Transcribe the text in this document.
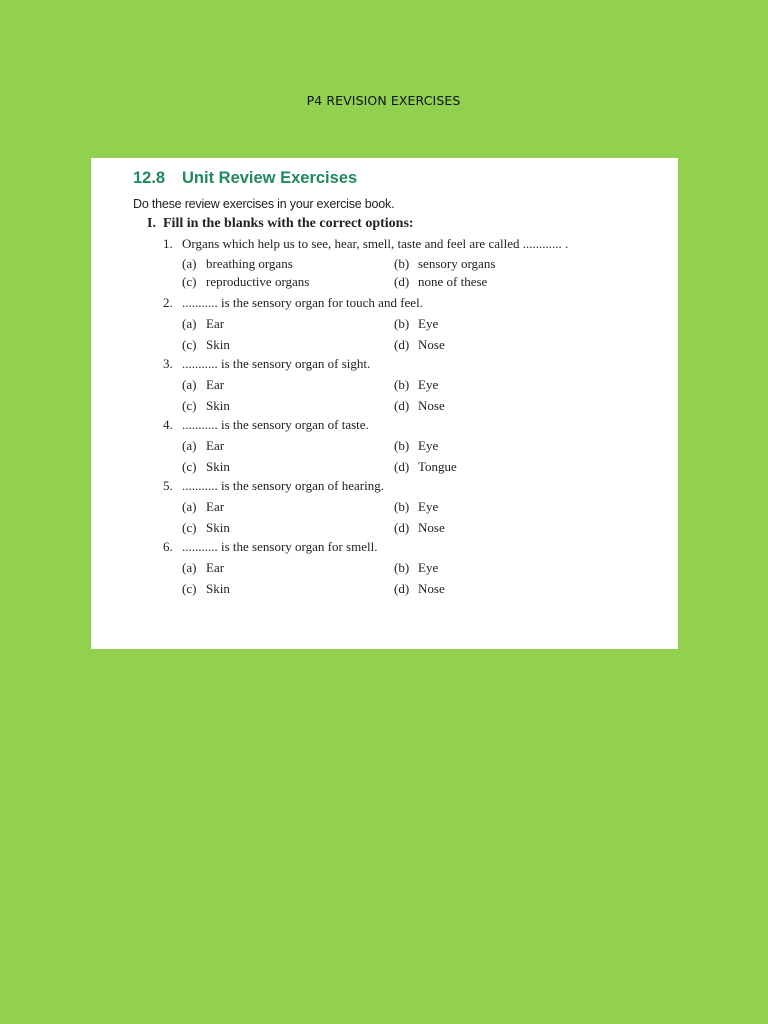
P4 REVISION EXERCISES
12.8 Unit Review Exercises
Do these review exercises in your exercise book.
I. Fill in the blanks with the correct options:
1. Organs which help us to see, hear, smell, taste and feel are called ............ .
(a) breathing organs	(b) sensory organs
(c) reproductive organs	(d) none of these
2. ........... is the sensory organ for touch and feel.
(a) Ear	(b) Eye
(c) Skin	(d) Nose
3. ........... is the sensory organ of sight.
(a) Ear	(b) Eye
(c) Skin	(d) Nose
4. ........... is the sensory organ of taste.
(a) Ear	(b) Eye
(c) Skin	(d) Tongue
5. ........... is the sensory organ of hearing.
(a) Ear	(b) Eye
(c) Skin	(d) Nose
6. ........... is the sensory organ for smell.
(a) Ear	(b) Eye
(c) Skin	(d) Nose
